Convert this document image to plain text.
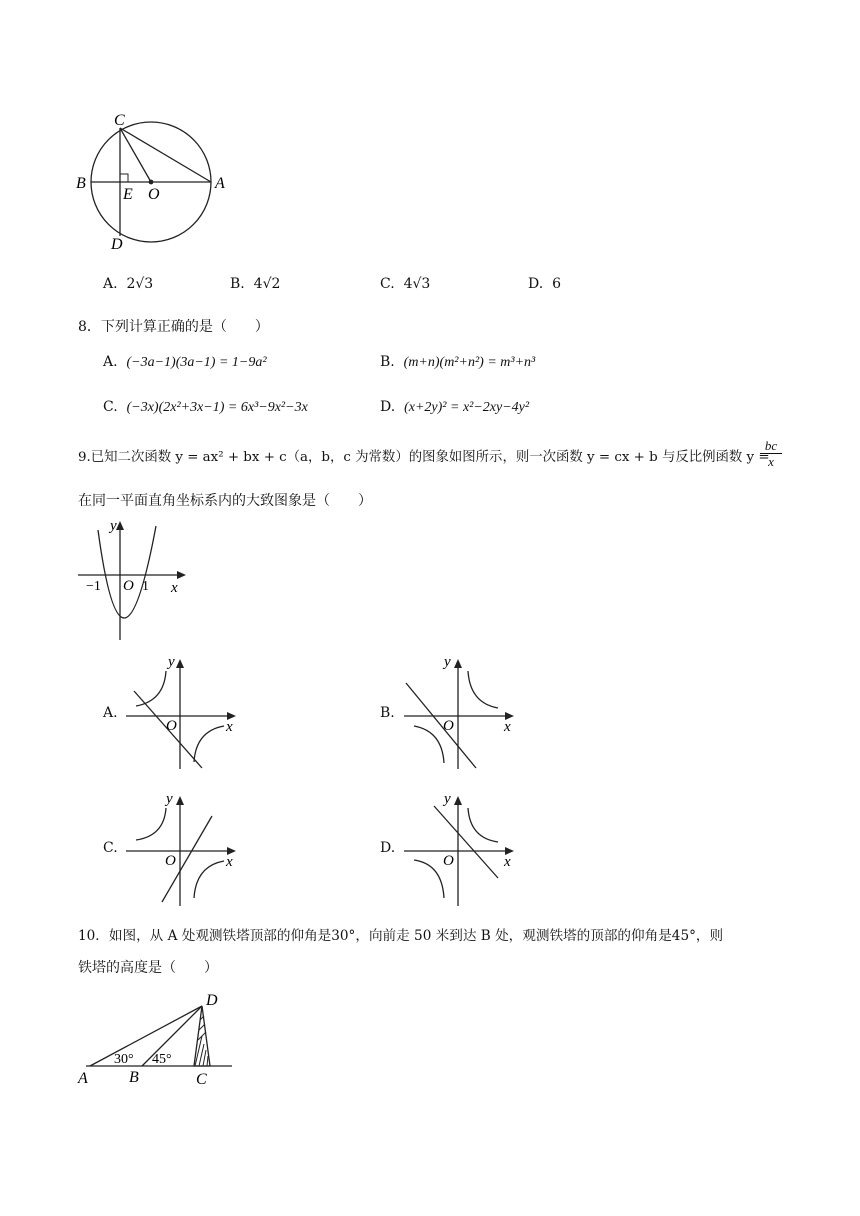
C
B
E O
A
D
A. 2√3	B. 4√2	C. 4√3	D. 6
8．下列计算正确的是（　　）
A. (−3a−1)(3a−1) = 1−9a²	B. (m+n)(m²+n²) = m³+n³
C. (−3x)(2x²+3x−1) = 6x³−9x²−3x	D. (x+2y)² = x²−2xy−4y²
9.已知二次函数 y = ax² + bx + c（a，b，c 为常数）的图象如图所示，则一次函数 y = cx + b 与反比例函数 y =
$\frac{bc}{x}$
在同一平面直角坐标系内的大致图象是（　　）
y
x
−1 O 1
A.
y
x
O
B.
y
x
O
C.
y
x
O
D.
y
x
O
10．如图，从 A 处观测铁塔顶部的仰角是30°，向前走 50 米到达 B 处，观测铁塔的顶部的仰角是45°，则
铁塔的高度是（　　）
D
A	B	C
30° 45°
